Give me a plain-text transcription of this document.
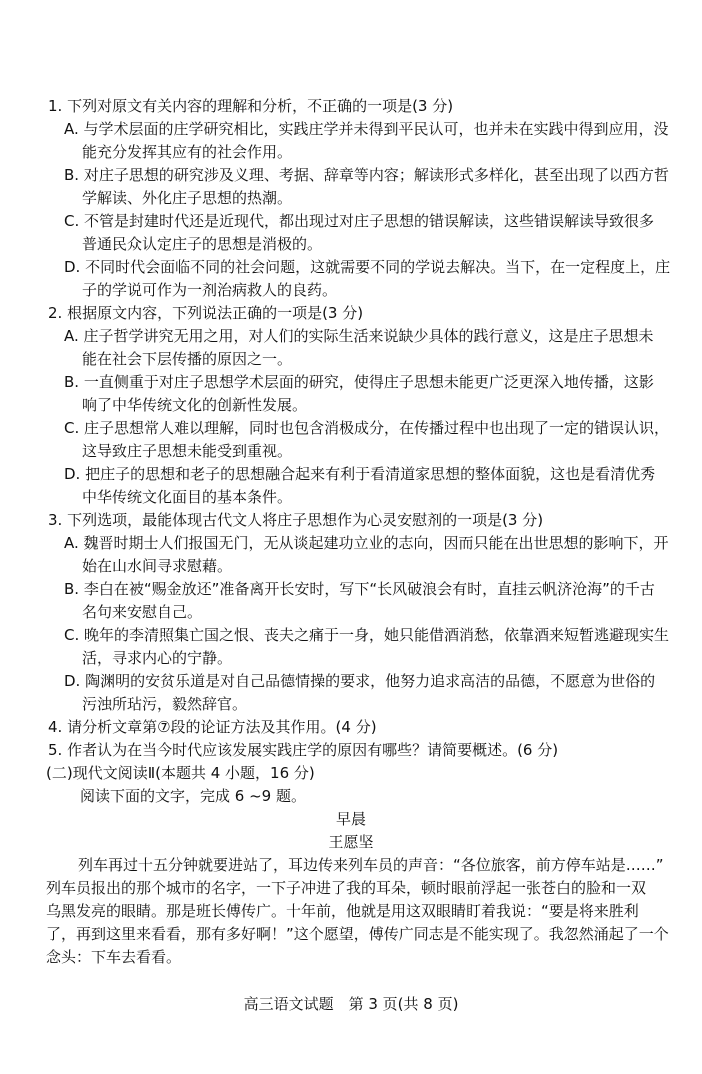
1. 下列对原文有关内容的理解和分析，不正确的一项是(3 分)
A. 与学术层面的庄学研究相比，实践庄学并未得到平民认可，也并未在实践中得到应用，没
能充分发挥其应有的社会作用。
B. 对庄子思想的研究涉及义理、考据、辞章等内容；解读形式多样化，甚至出现了以西方哲
学解读、外化庄子思想的热潮。
C. 不管是封建时代还是近现代，都出现过对庄子思想的错误解读，这些错误解读导致很多
普通民众认定庄子的思想是消极的。
D. 不同时代会面临不同的社会问题，这就需要不同的学说去解决。当下，在一定程度上，庄
子的学说可作为一剂治病救人的良药。
2. 根据原文内容，下列说法正确的一项是(3 分)
A. 庄子哲学讲究无用之用，对人们的实际生活来说缺少具体的践行意义，这是庄子思想未
能在社会下层传播的原因之一。
B. 一直侧重于对庄子思想学术层面的研究，使得庄子思想未能更广泛更深入地传播，这影
响了中华传统文化的创新性发展。
C. 庄子思想常人难以理解，同时也包含消极成分，在传播过程中也出现了一定的错误认识，
这导致庄子思想未能受到重视。
D. 把庄子的思想和老子的思想融合起来有利于看清道家思想的整体面貌，这也是看清优秀
中华传统文化面目的基本条件。
3. 下列选项，最能体现古代文人将庄子思想作为心灵安慰剂的一项是(3 分)
A. 魏晋时期士人们报国无门，无从谈起建功立业的志向，因而只能在出世思想的影响下，开
始在山水间寻求慰藉。
B. 李白在被“赐金放还”准备离开长安时，写下“长风破浪会有时，直挂云帆济沧海”的千古
名句来安慰自己。
C. 晚年的李清照集亡国之恨、丧夫之痛于一身，她只能借酒消愁，依靠酒来短暂逃避现实生
活，寻求内心的宁静。
D. 陶渊明的安贫乐道是对自己品德情操的要求，他努力追求高洁的品德，不愿意为世俗的
污浊所玷污，毅然辞官。
4. 请分析文章第⑦段的论证方法及其作用。(4 分)
5. 作者认为在当今时代应该发展实践庄学的原因有哪些？请简要概述。(6 分)
(二)现代文阅读Ⅱ(本题共 4 小题，16 分)
阅读下面的文字，完成 6 ~9 题。
早晨
王愿坚
列车再过十五分钟就要进站了，耳边传来列车员的声音：“各位旅客，前方停车站是……”
列车员报出的那个城市的名字，一下子冲进了我的耳朵，顿时眼前浮起一张苍白的脸和一双
乌黑发亮的眼睛。那是班长傅传广。十年前，他就是用这双眼睛盯着我说：“要是将来胜利
了，再到这里来看看，那有多好啊！”这个愿望，傅传广同志是不能实现了。我忽然涌起了一个
念头：下车去看看。
高三语文试题　第 3 页(共 8 页)
